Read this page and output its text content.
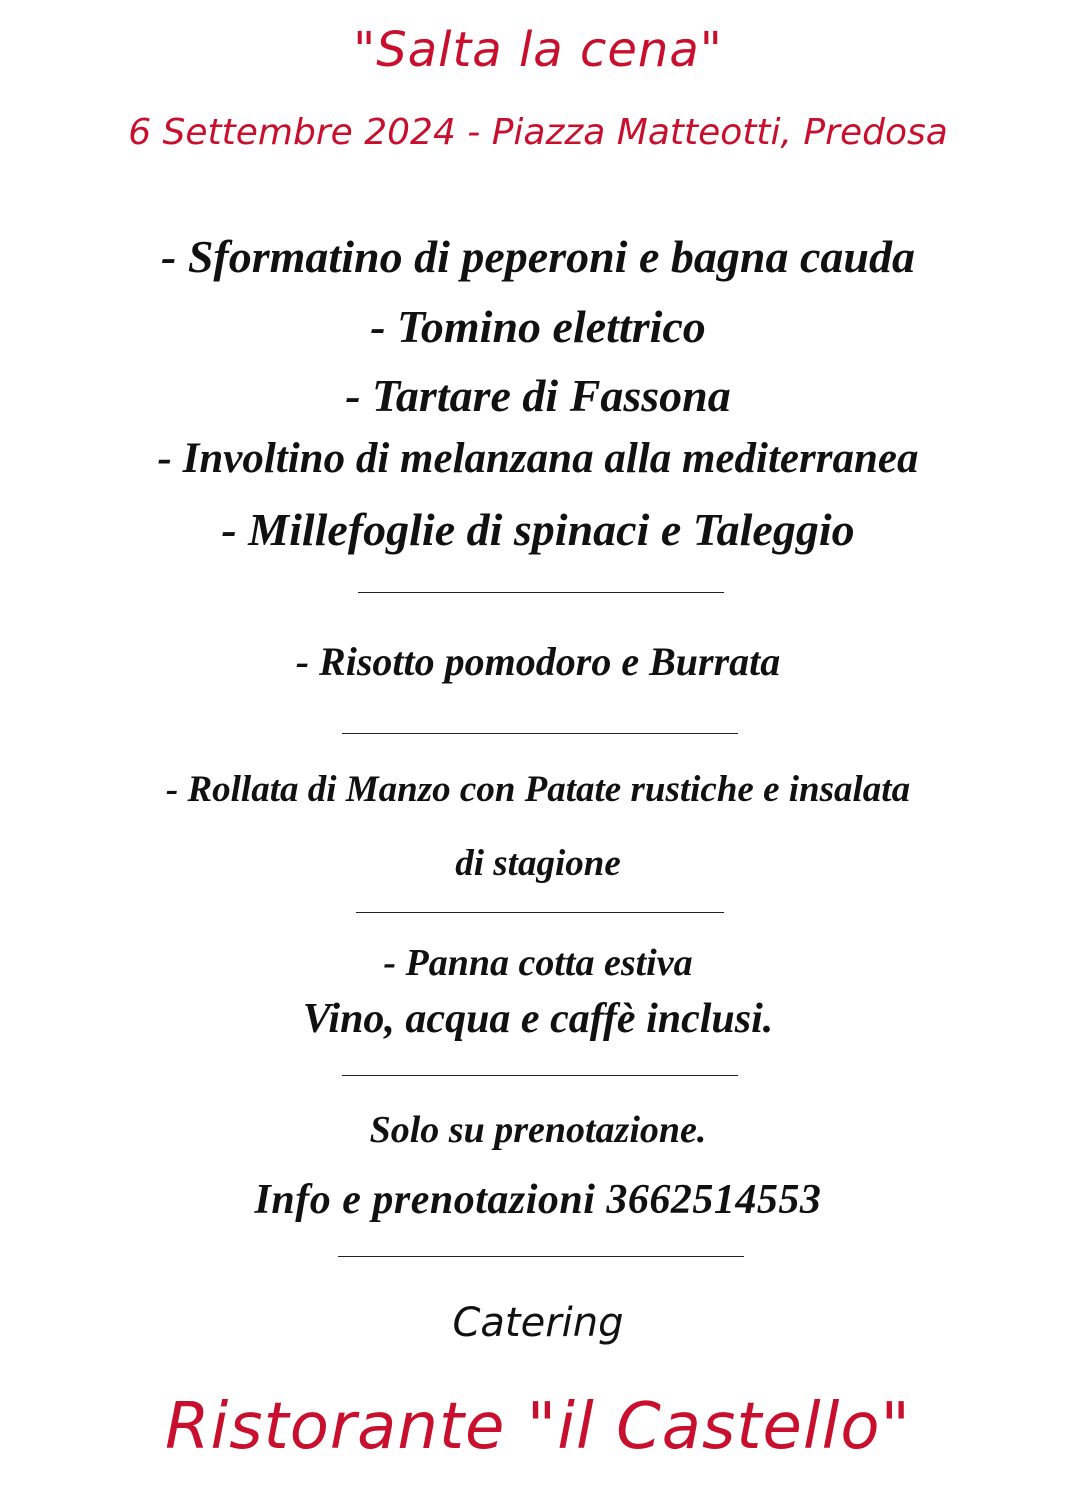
"Salta la cena"

6 Settembre 2024 - Piazza Matteotti, Predosa

- Sformatino di peperoni e bagna cauda

- Tomino elettrico

- Tartare di Fassona

- Involtino di melanzana alla mediterranea

- Millefoglie di spinaci e Taleggio

- Risotto pomodoro e Burrata

- Rollata di Manzo con Patate rustiche e insalata

di stagione

- Panna cotta estiva

Vino, acqua e caffè inclusi.

Solo su prenotazione.

Info e prenotazioni 3662514553

Catering

Ristorante "il Castello"
